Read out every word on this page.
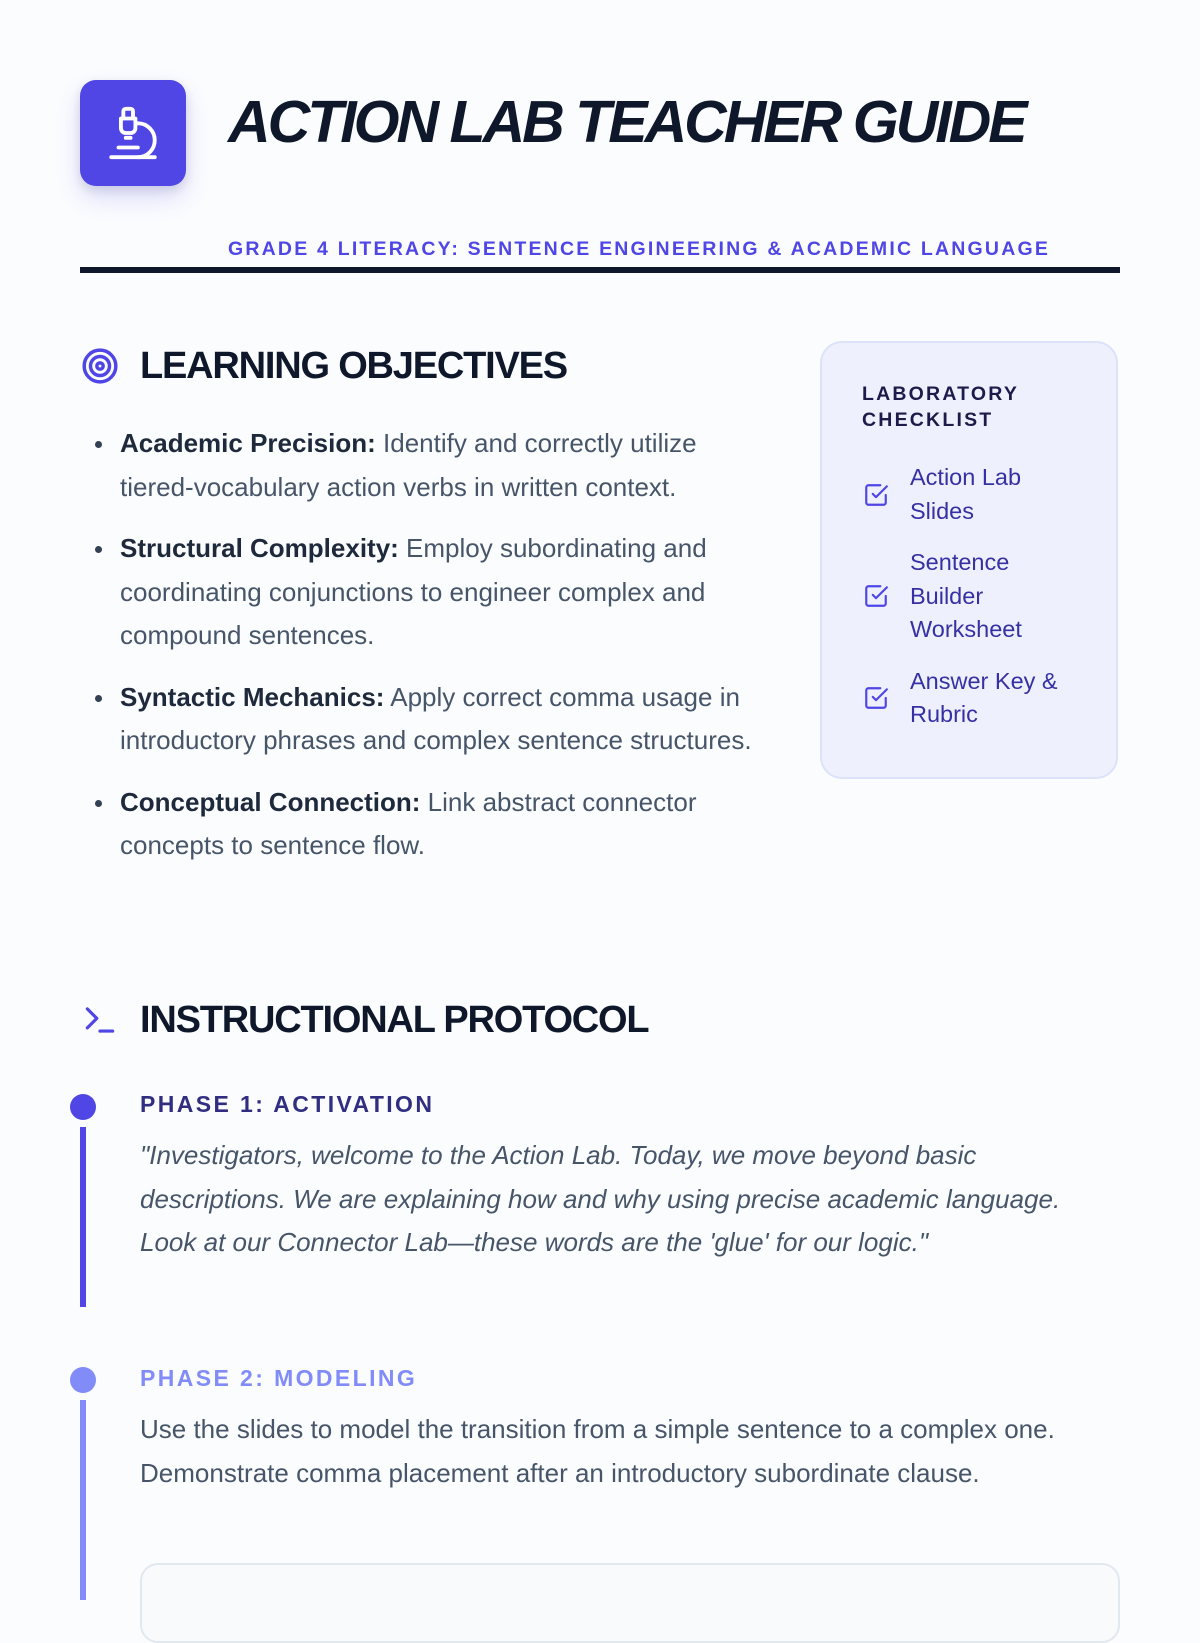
ACTION LAB TEACHER GUIDE

GRADE 4 LITERACY: SENTENCE ENGINEERING & ACADEMIC LANGUAGE

LEARNING OBJECTIVES
Academic Precision: Identify and correctly utilize tiered-vocabulary action verbs in written context.
Structural Complexity: Employ subordinating and coordinating conjunctions to engineer complex and compound sentences.
Syntactic Mechanics: Apply correct comma usage in introductory phrases and complex sentence structures.
Conceptual Connection: Link abstract connector concepts to sentence flow.
LABORATORY CHECKLIST
Action Lab Slides
Sentence Builder Worksheet
Answer Key & Rubric
INSTRUCTIONAL PROTOCOL
PHASE 1: ACTIVATION

"Investigators, welcome to the Action Lab. Today, we move beyond basic descriptions. We are explaining how and why using precise academic language. Look at our Connector Lab—these words are the 'glue' for our logic."

PHASE 2: MODELING

Use the slides to model the transition from a simple sentence to a complex one. Demonstrate comma placement after an introductory subordinate clause.
